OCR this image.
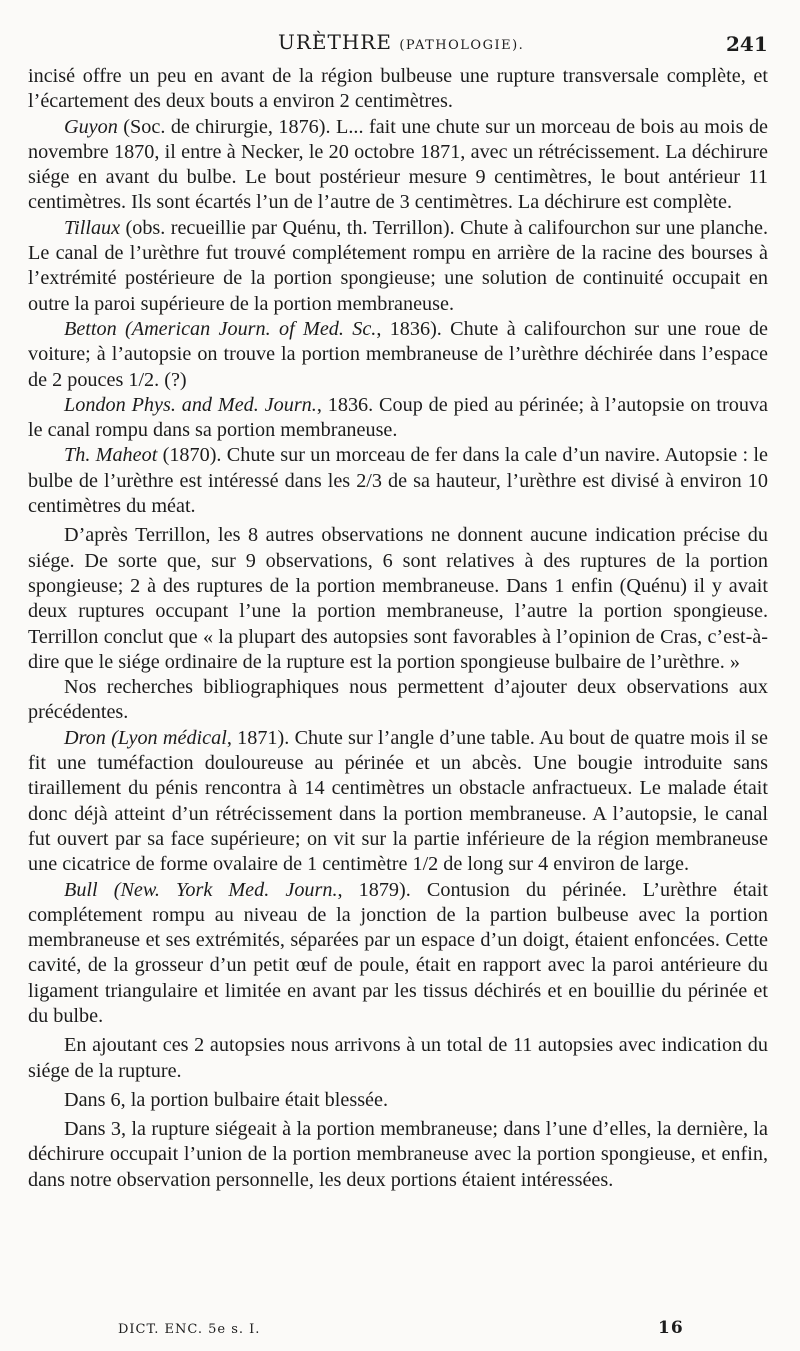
URÈTHRE (PATHOLOGIE).	241

incisé offre un peu en avant de la région bulbeuse une rupture transversale complète, et l’écartement des deux bouts a environ 2 centimètres.

Guyon (Soc. de chirurgie, 1876). L... fait une chute sur un morceau de bois au mois de novembre 1870, il entre à Necker, le 20 octobre 1871, avec un rétrécissement. La déchirure siége en avant du bulbe. Le bout postérieur mesure 9 centimètres, le bout antérieur 11 centimètres. Ils sont écartés l’un de l’autre de 3 centimètres. La déchirure est complète.

Tillaux (obs. recueillie par Quénu, th. Terrillon). Chute à califourchon sur une planche. Le canal de l’urèthre fut trouvé complétement rompu en arrière de la racine des bourses à l’extrémité postérieure de la portion spongieuse; une solution de continuité occupait en outre la paroi supérieure de la portion membraneuse.

Betton (American Journ. of Med. Sc., 1836). Chute à califourchon sur une roue de voiture; à l’autopsie on trouve la portion membraneuse de l’urèthre déchirée dans l’espace de 2 pouces 1/2. (?)

London Phys. and Med. Journ., 1836. Coup de pied au périnée; à l’autopsie on trouva le canal rompu dans sa portion membraneuse.

Th. Maheot (1870). Chute sur un morceau de fer dans la cale d’un navire. Autopsie : le bulbe de l’urèthre est intéressé dans les 2/3 de sa hauteur, l’urèthre est divisé à environ 10 centimètres du méat.

D’après Terrillon, les 8 autres observations ne donnent aucune indication précise du siége. De sorte que, sur 9 observations, 6 sont relatives à des ruptures de la portion spongieuse; 2 à des ruptures de la portion membraneuse. Dans 1 enfin (Quénu) il y avait deux ruptures occupant l’une la portion membraneuse, l’autre la portion spongieuse. Terrillon conclut que « la plupart des autopsies sont favorables à l’opinion de Cras, c’est-à-dire que le siége ordinaire de la rupture est la portion spongieuse bulbaire de l’urèthre. »

Nos recherches bibliographiques nous permettent d’ajouter deux observations aux précédentes.

Dron (Lyon médical, 1871). Chute sur l’angle d’une table. Au bout de quatre mois il se fit une tuméfaction douloureuse au périnée et un abcès. Une bougie introduite sans tiraillement du pénis rencontra à 14 centimètres un obstacle anfractueux. Le malade était donc déjà atteint d’un rétrécissement dans la portion membraneuse. A l’autopsie, le canal fut ouvert par sa face supérieure; on vit sur la partie inférieure de la région membraneuse une cicatrice de forme ovalaire de 1 centimètre 1/2 de long sur 4 environ de large.

Bull (New. York Med. Journ., 1879). Contusion du périnée. L’urèthre était complétement rompu au niveau de la jonction de la partion bulbeuse avec la portion membraneuse et ses extrémités, séparées par un espace d’un doigt, étaient enfoncées. Cette cavité, de la grosseur d’un petit œuf de poule, était en rapport avec la paroi antérieure du ligament triangulaire et limitée en avant par les tissus déchirés et en bouillie du périnée et du bulbe.

En ajoutant ces 2 autopsies nous arrivons à un total de 11 autopsies avec indication du siége de la rupture.

Dans 6, la portion bulbaire était blessée.

Dans 3, la rupture siégeait à la portion membraneuse; dans l’une d’elles, la dernière, la déchirure occupait l’union de la portion membraneuse avec la portion spongieuse, et enfin, dans notre observation personnelle, les deux portions étaient intéressées.

DICT. ENC. 5e s. I.	16
